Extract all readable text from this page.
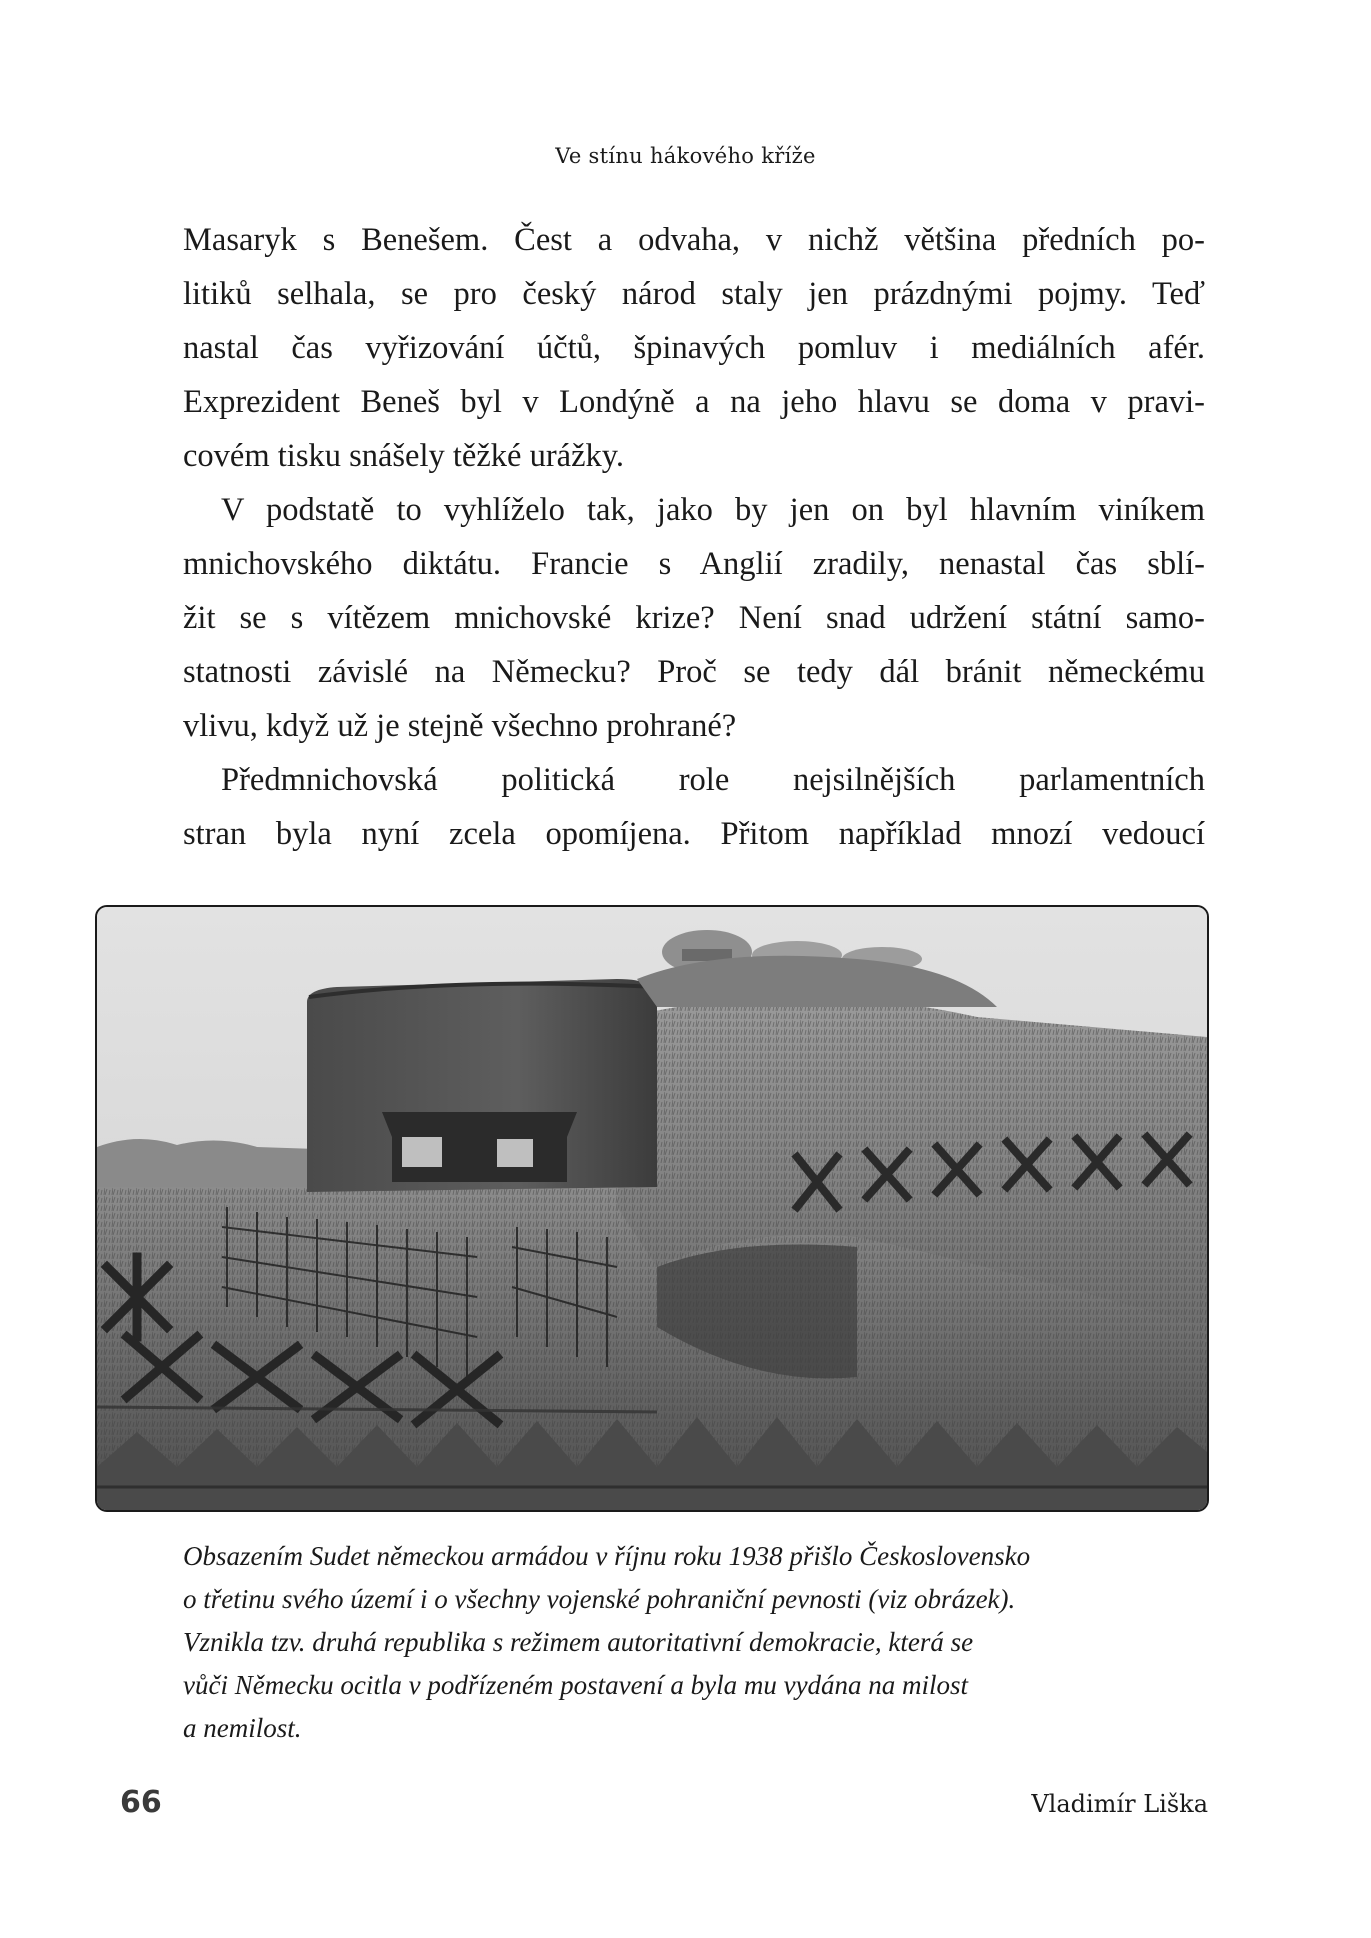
Ve stínu hákového kříže

Masaryk s Benešem. Čest a odvaha, v nichž většina předních po-
litiků selhala, se pro český národ staly jen prázdnými pojmy. Teď
nastal čas vyřizování účtů, špinavých pomluv i mediálních afér.
Exprezident Beneš byl v Londýně a na jeho hlavu se doma v pravi-
covém tisku snášely těžké urážky.

V podstatě to vyhlíželo tak, jako by jen on byl hlavním viníkem
mnichovského diktátu. Francie s Anglií zradily, nenastal čas sblí-
žit se s vítězem mnichovské krize? Není snad udržení státní samo-
statnosti závislé na Německu? Proč se tedy dál bránit německému
vlivu, když už je stejně všechno prohrané?

Předmnichovská politická role nejsilnějších parlamentních
stran byla nyní zcela opomíjena. Přitom například mnozí vedoucí

Obsazením Sudet německou armádou v říjnu roku 1938 přišlo Československo
o třetinu svého území i o všechny vojenské pohraniční pevnosti (viz obrázek).
Vznikla tzv. druhá republika s režimem autoritativní demokracie, která se
vůči Německu ocitla v podřízeném postavení a byla mu vydána na milost
a nemilost.
66	Vladimír Liška
